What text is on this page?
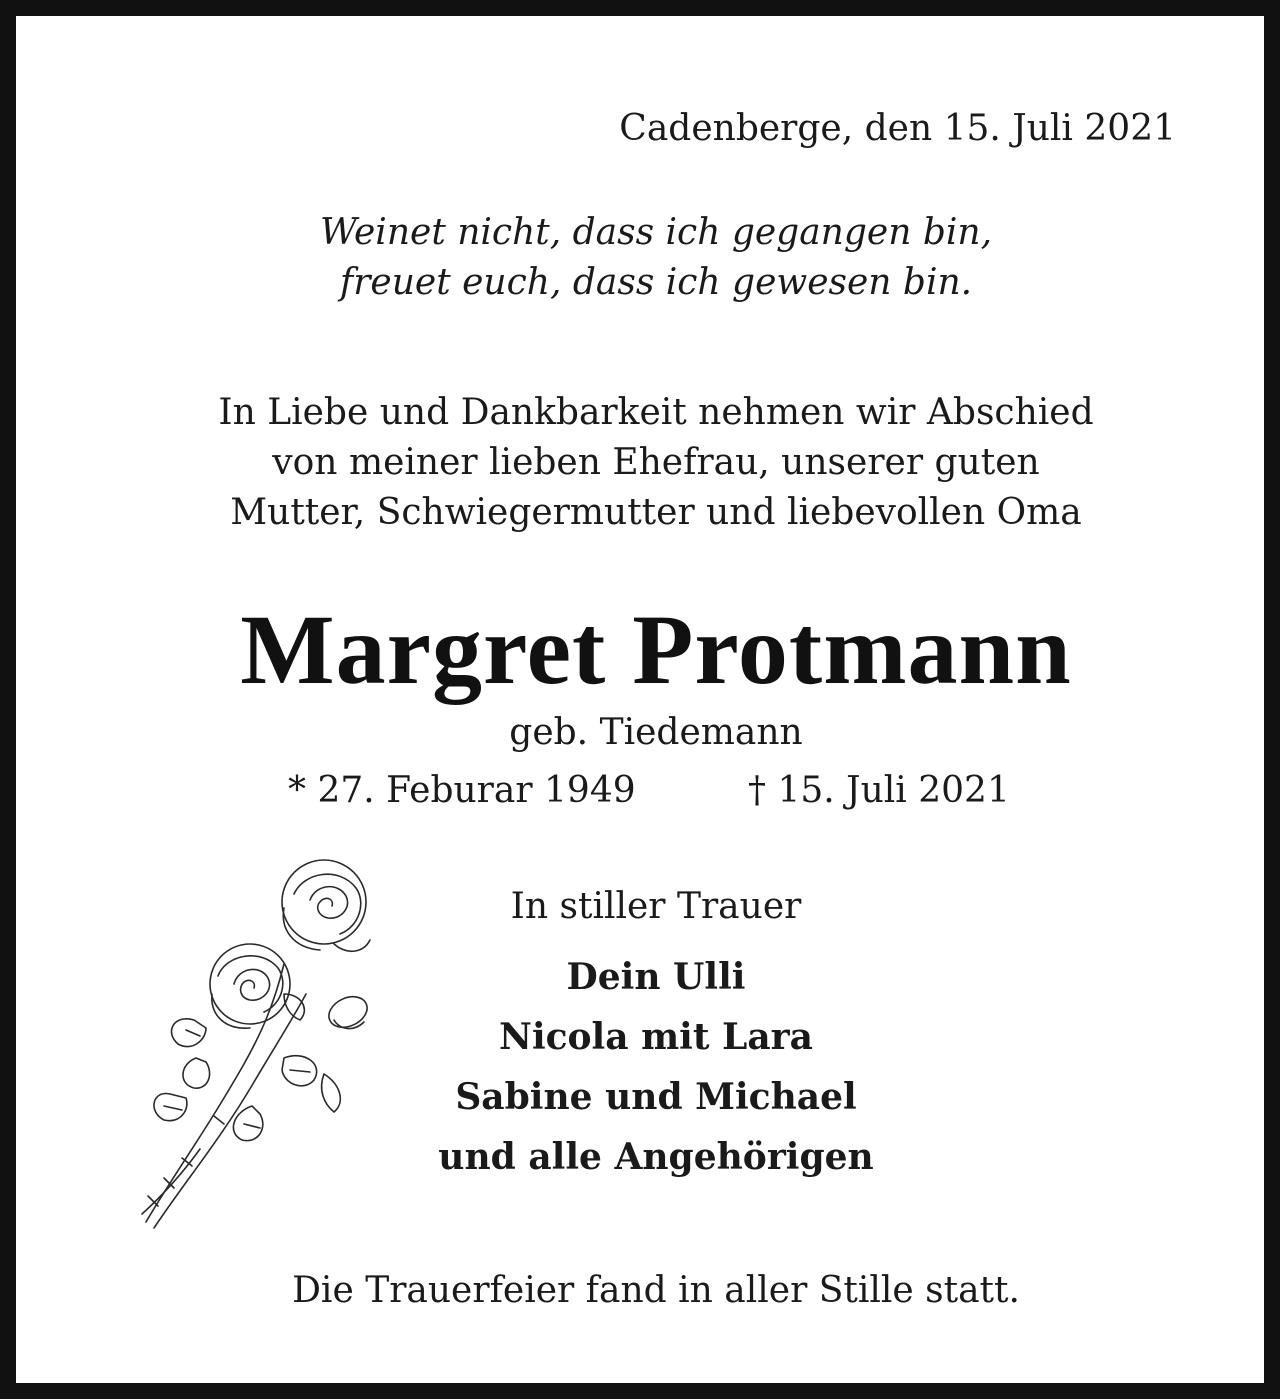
Cadenberge, den 15. Juli 2021

Weinet nicht, dass ich gegangen bin,

freuet euch, dass ich gewesen bin.

In Liebe und Dankbarkeit nehmen wir Abschied

von meiner lieben Ehefrau, unserer guten

Mutter, Schwiegermutter und liebevollen Oma

Margret Protmann

geb. Tiedemann

* 27. Feburar 1949	† 15. Juli 2021

In stiller Trauer

Dein Ulli

Nicola mit Lara

Sabine und Michael

und alle Angehörigen

Die Trauerfeier fand in aller Stille statt.
